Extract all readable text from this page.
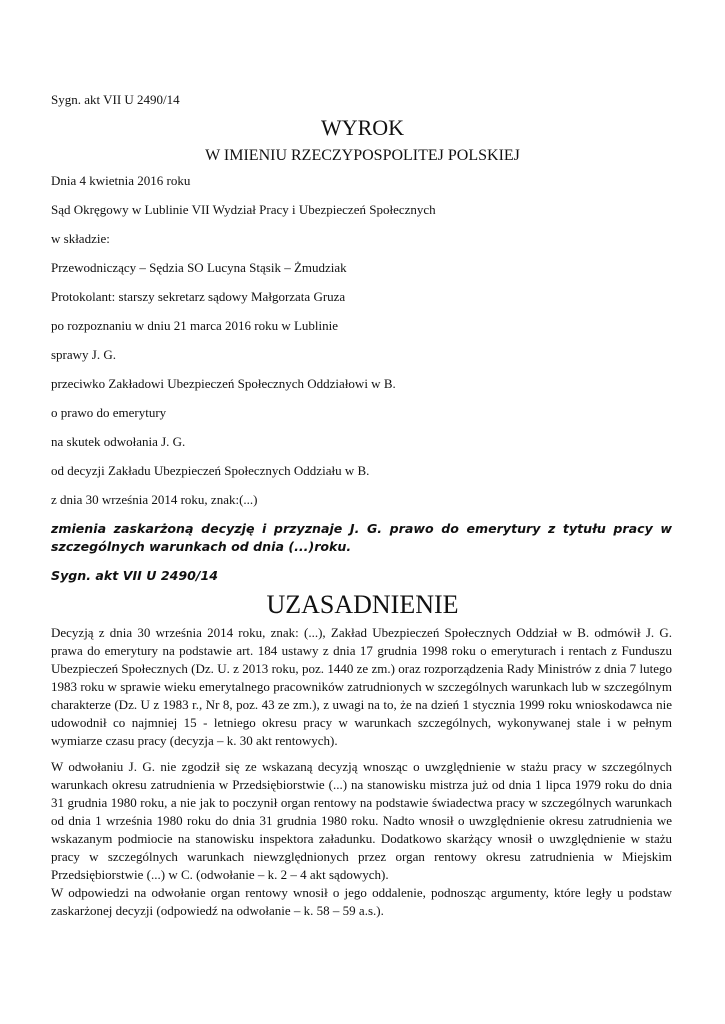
Sygn. akt VII U 2490/14
WYROK
W IMIENIU RZECZYPOSPOLITEJ POLSKIEJ
Dnia 4 kwietnia 2016 roku
Sąd Okręgowy w Lublinie VII Wydział Pracy i Ubezpieczeń Społecznych
w składzie:
Przewodniczący – Sędzia SO Lucyna Stąsik – Żmudziak
Protokolant: starszy sekretarz sądowy Małgorzata Gruza
po rozpoznaniu w dniu 21 marca 2016 roku w Lublinie
sprawy J. G.
przeciwko Zakładowi Ubezpieczeń Społecznych Oddziałowi w B.
o prawo do emerytury
na skutek odwołania J. G.
od decyzji Zakładu Ubezpieczeń Społecznych Oddziału w B.
z dnia 30 września 2014 roku, znak:(...)
zmienia zaskarżoną decyzję i przyznaje J. G. prawo do emerytury z tytułu pracy w szczególnych warunkach od dnia (...)roku.
Sygn. akt VII U 2490/14
UZASADNIENIE
Decyzją z dnia 30 września 2014 roku, znak: (...), Zakład Ubezpieczeń Społecznych Oddział w B. odmówił J. G. prawa do emerytury na podstawie art. 184 ustawy z dnia 17 grudnia 1998 roku o emeryturach i rentach z Funduszu Ubezpieczeń Społecznych (Dz. U. z 2013 roku, poz. 1440 ze zm.) oraz rozporządzenia Rady Ministrów z dnia 7 lutego 1983 roku w sprawie wieku emerytalnego pracowników zatrudnionych w szczególnych warunkach lub w szczególnym charakterze (Dz. U z 1983 r., Nr 8, poz. 43 ze zm.), z uwagi na to, że na dzień 1 stycznia 1999 roku wnioskodawca nie udowodnił co najmniej 15 - letniego okresu pracy w warunkach szczególnych, wykonywanej stale i w pełnym wymiarze czasu pracy (decyzja – k. 30 akt rentowych).
W odwołaniu J. G. nie zgodził się ze wskazaną decyzją wnosząc o uwzględnienie w stażu pracy w szczególnych warunkach okresu zatrudnienia w Przedsiębiorstwie (...) na stanowisku mistrza już od dnia 1 lipca 1979 roku do dnia 31 grudnia 1980 roku, a nie jak to poczynił organ rentowy na podstawie świadectwa pracy w szczególnych warunkach od dnia 1 września 1980 roku do dnia 31 grudnia 1980 roku. Nadto wnosił o uwzględnienie okresu zatrudnienia we wskazanym podmiocie na stanowisku inspektora załadunku. Dodatkowo skarżący wnosił o uwzględnienie w stażu pracy w szczególnych warunkach niewzględnionych przez organ rentowy okresu zatrudnienia w Miejskim Przedsiębiorstwie (...) w C. (odwołanie – k. 2 – 4 akt sądowych).
W odpowiedzi na odwołanie organ rentowy wnosił o jego oddalenie, podnosząc argumenty, które legły u podstaw zaskarżonej decyzji (odpowiedź na odwołanie – k. 58 – 59 a.s.).
